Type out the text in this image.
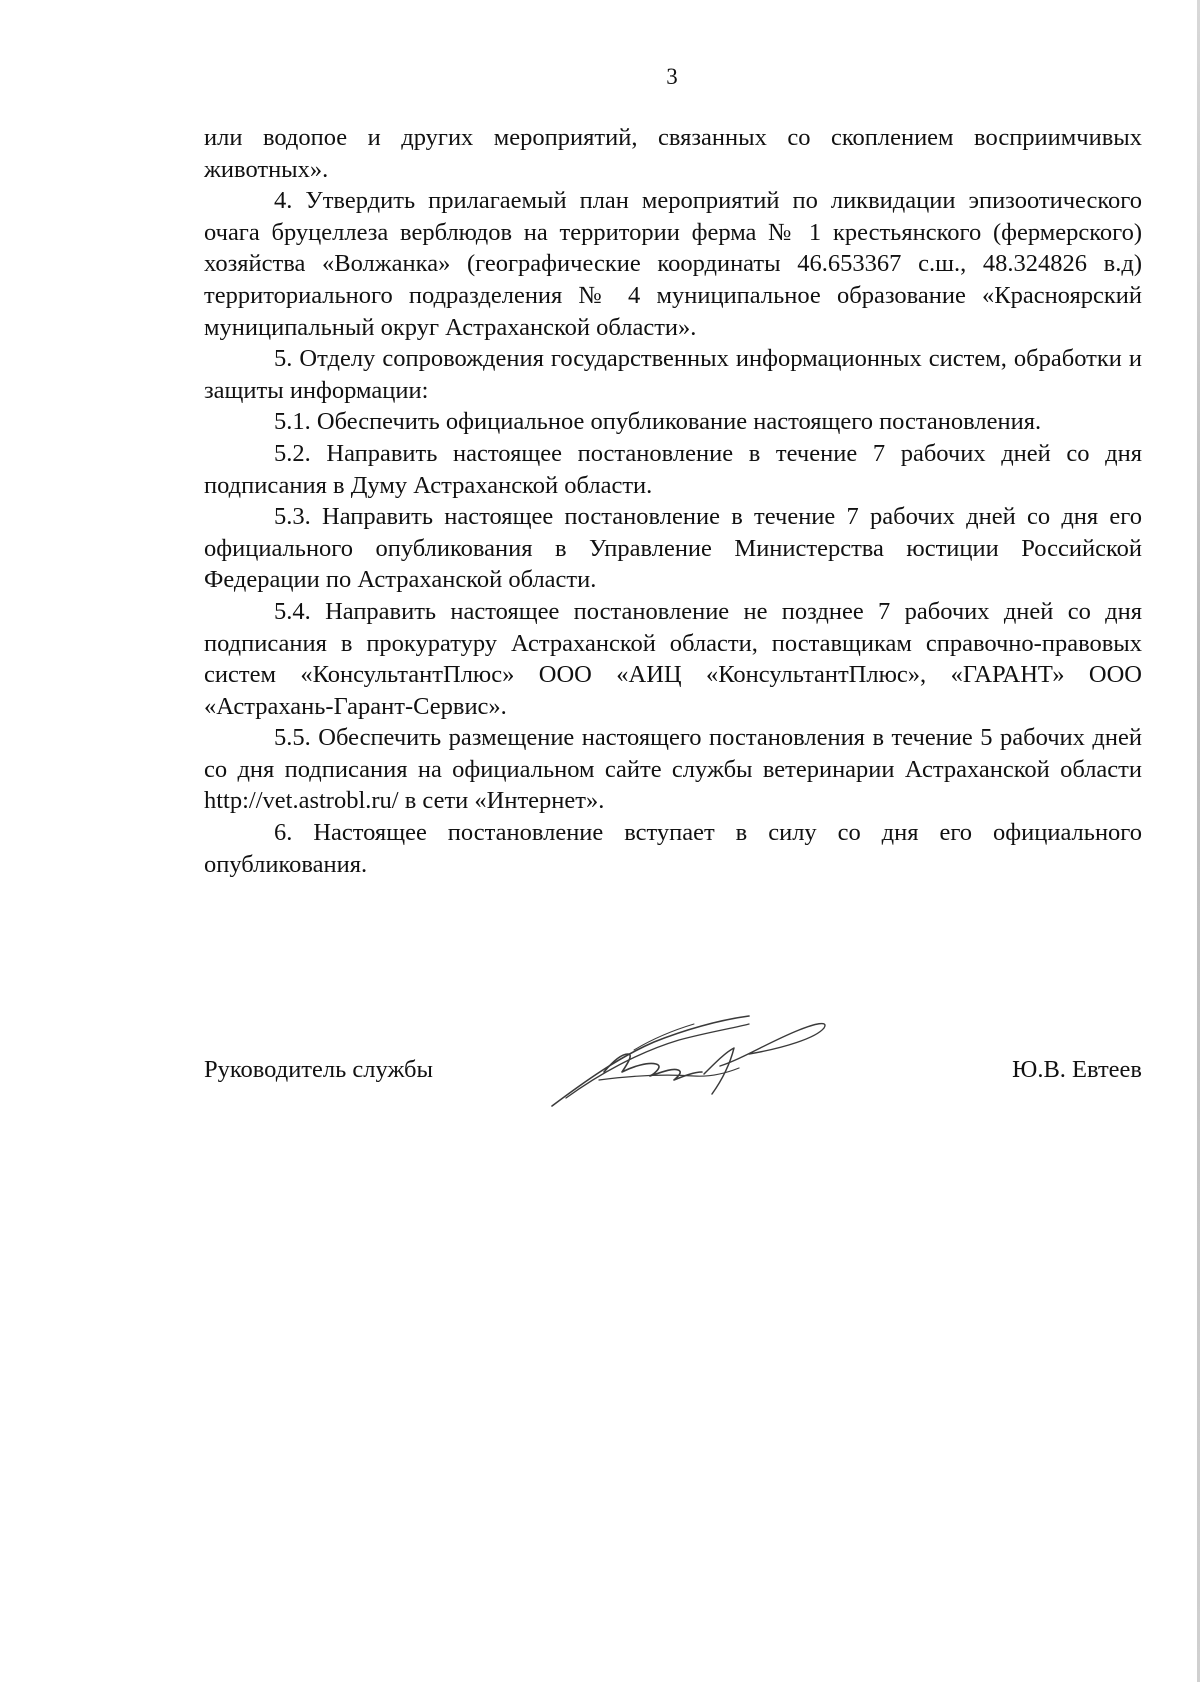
3

или водопое и других мероприятий, связанных со скоплением восприимчивых животных».

4. Утвердить прилагаемый план мероприятий по ликвидации эпизоотического очага бруцеллеза верблюдов на территории ферма № 1 крестьянского (фермерского) хозяйства «Волжанка» (географические координаты 46.653367 с.ш., 48.324826 в.д) территориального подразделения № 4 муниципальное образование «Красноярский муниципальный округ Астраханской области».

5. Отделу сопровождения государственных информационных систем, обработки и защиты информации:

5.1. Обеспечить официальное опубликование настоящего постановления.

5.2. Направить настоящее постановление в течение 7 рабочих дней со дня подписания в Думу Астраханской области.

5.3. Направить настоящее постановление в течение 7 рабочих дней со дня его официального опубликования в Управление Министерства юстиции Российской Федерации по Астраханской области.

5.4. Направить настоящее постановление не позднее 7 рабочих дней со дня подписания в прокуратуру Астраханской области, поставщикам справочно-правовых систем «КонсультантПлюс» ООО «АИЦ «КонсультантПлюс», «ГАРАНТ» ООО «Астрахань-Гарант-Сервис».

5.5. Обеспечить размещение настоящего постановления в течение 5 рабочих дней со дня подписания на официальном сайте службы ветеринарии Астраханской области http://vet.astrobl.ru/ в сети «Интернет».

6. Настоящее постановление вступает в силу со дня его официального опубликования.

Руководитель службы	Ю.В. Евтеев
